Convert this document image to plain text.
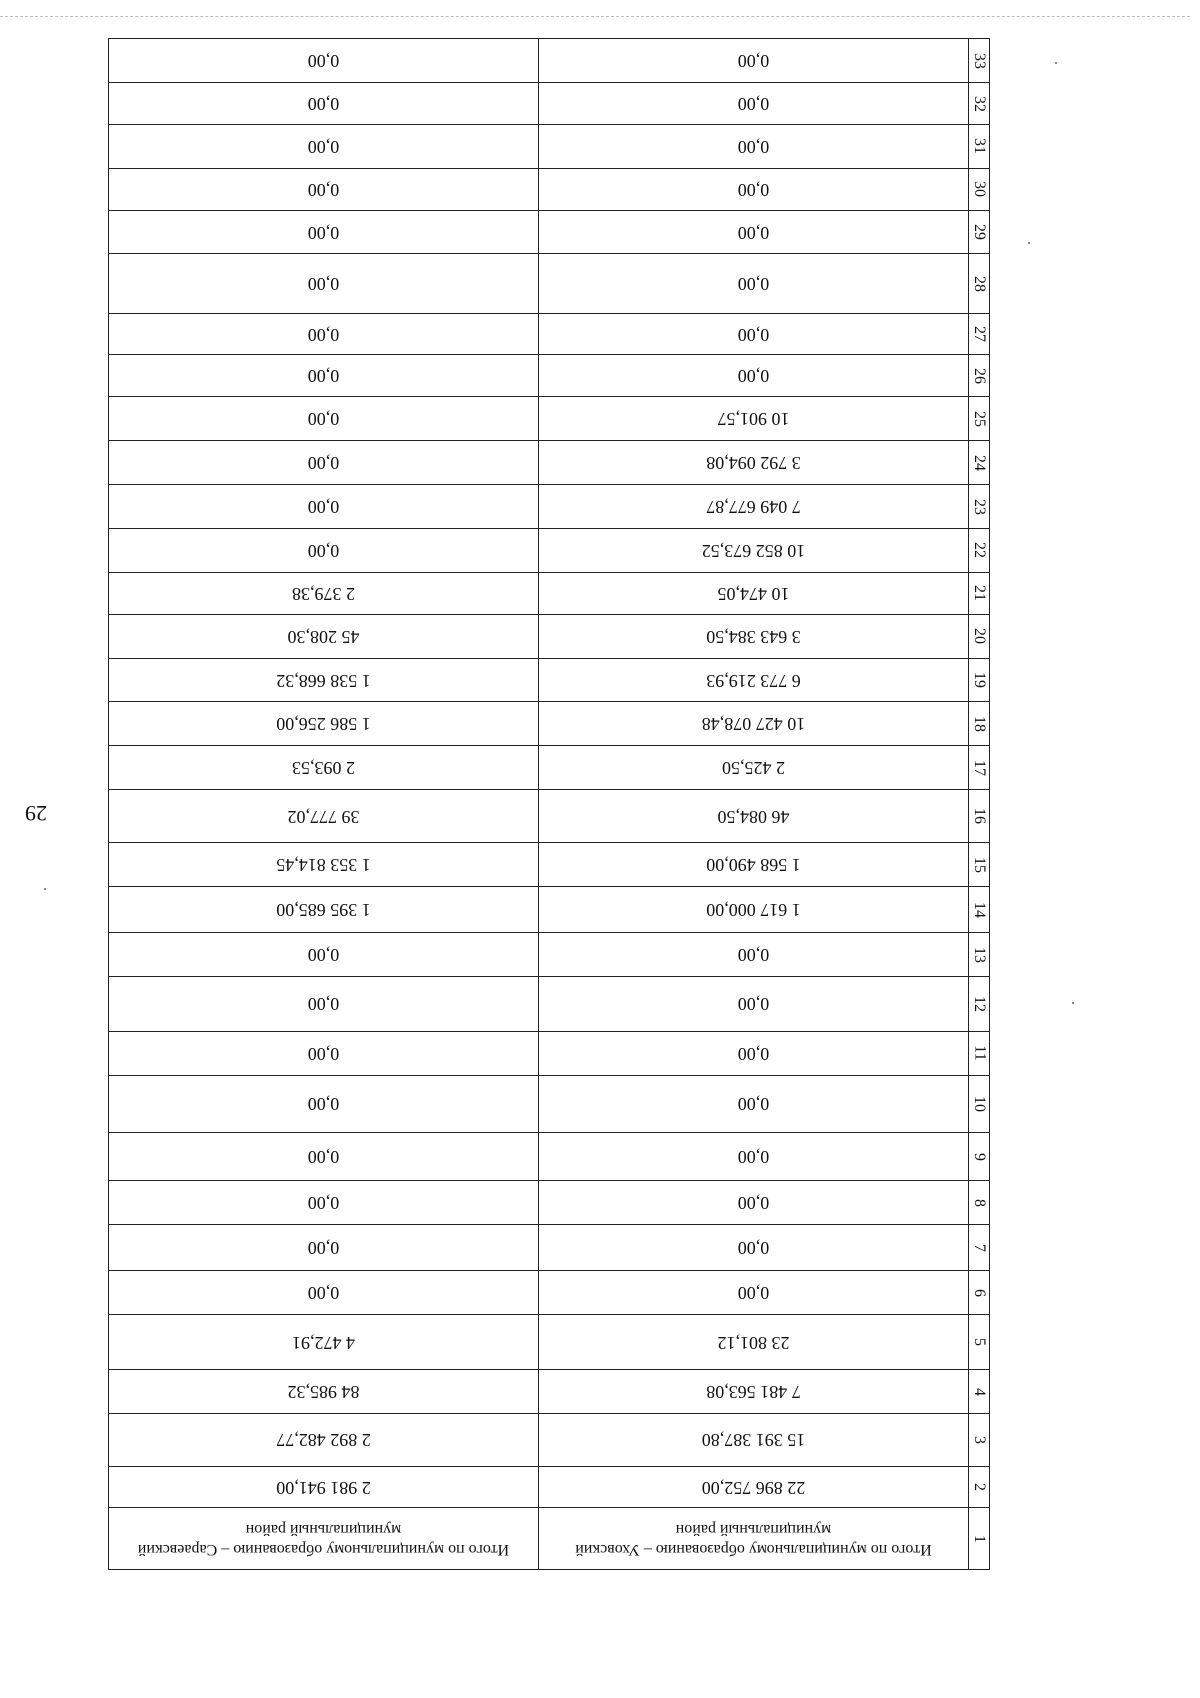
29
1	Итого по муниципальному образованию – Уховский муниципальный район	Итого по муниципальному образованию – Сараевский муниципальный район
2	22 896 752,00	2 981 941,00
3	15 391 387,80	2 892 482,77
4	7 481 563,08	84 985,32
5	23 801,12	4 472,91
6	0,00	0,00
7	0,00	0,00
8	0,00	0,00
9	0,00	0,00
10	0,00	0,00
11	0,00	0,00
12	0,00	0,00
13	0,00	0,00
14	1 617 000,00	1 395 685,00
15	1 568 490,00	1 353 814,45
16	46 084,50	39 777,02
17	2 425,50	2 093,53
18	10 427 078,48	1 586 256,00
19	6 773 219,93	1 538 668,32
20	3 643 384,50	45 208,30
21	10 474,05	2 379,38
22	10 852 673,52	0,00
23	7 049 677,87	0,00
24	3 792 094,08	0,00
25	10 901,57	0,00
26	0,00	0,00
27	0,00	0,00
28	0,00	0,00
29	0,00	0,00
30	0,00	0,00
31	0,00	0,00
32	0,00	0,00
33	0,00	0,00
